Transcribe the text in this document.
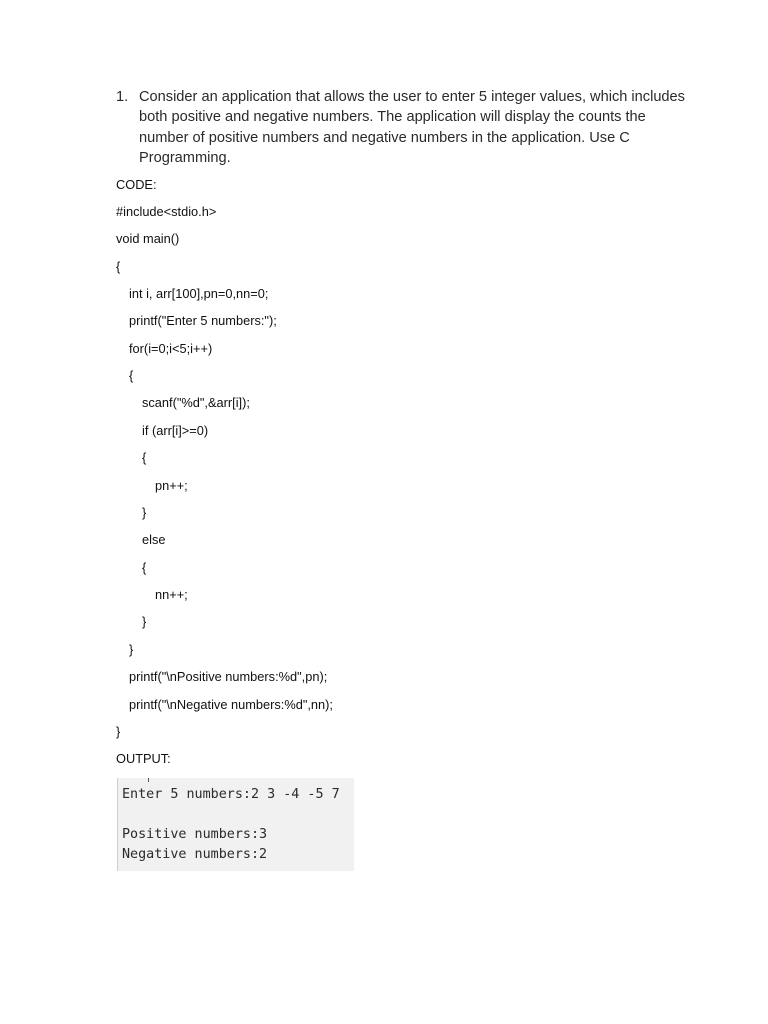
1. Consider an application that allows the user to enter 5 integer values, which includes both positive and negative numbers. The application will display the counts the number of positive numbers and negative numbers in the application. Use C Programming.
CODE:
#include<stdio.h>
void main()
{
int i, arr[100],pn=0,nn=0;
printf("Enter 5 numbers:");
for(i=0;i<5;i++)
{
scanf("%d",&arr[i]);
if (arr[i]>=0)
{
pn++;
}
else
{
nn++;
}
}
printf("\nPositive numbers:%d",pn);
printf("\nNegative numbers:%d",nn);
}
OUTPUT:
Enter 5 numbers:2 3 -4 -5 7
Positive numbers:3
Negative numbers:2
